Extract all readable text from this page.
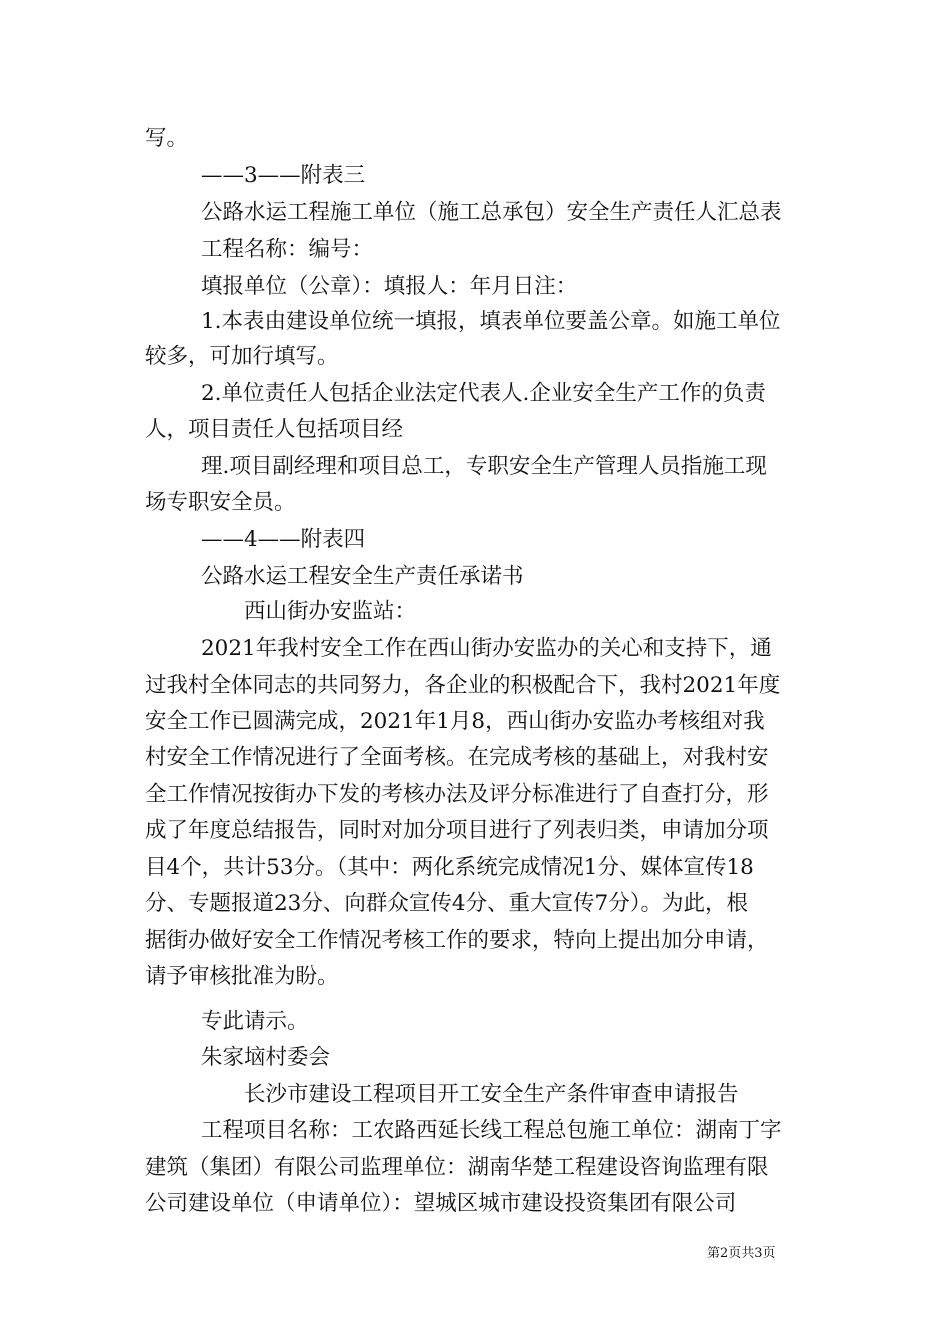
写。
——3——附表三
公路水运工程施工单位（施工总承包）安全生产责任人汇总表
工程名称：编号：
填报单位（公章）：填报人：年月日注：
1.本表由建设单位统一填报，填表单位要盖公章。如施工单位
较多，可加行填写。
2.单位责任人包括企业法定代表人.企业安全生产工作的负责
人，项目责任人包括项目经
理.项目副经理和项目总工，专职安全生产管理人员指施工现
场专职安全员。
——4——附表四
公路水运工程安全生产责任承诺书
西山街办安监站：
2021年我村安全工作在西山街办安监办的关心和支持下，通
过我村全体同志的共同努力，各企业的积极配合下，我村2021年度
安全工作已圆满完成，2021年1月8，西山街办安监办考核组对我
村安全工作情况进行了全面考核。在完成考核的基础上，对我村安
全工作情况按街办下发的考核办法及评分标准进行了自查打分，形
成了年度总结报告，同时对加分项目进行了列表归类，申请加分项
目4个，共计53分。（其中：两化系统完成情况1分、媒体宣传18
分、专题报道23分、向群众宣传4分、重大宣传7分）。为此，根
据街办做好安全工作情况考核工作的要求，特向上提出加分申请，
请予审核批准为盼。
专此请示。
朱家垴村委会
长沙市建设工程项目开工安全生产条件审查申请报告
工程项目名称：工农路西延长线工程总包施工单位：湖南丁字
建筑（集团）有限公司监理单位：湖南华楚工程建设咨询监理有限
公司建设单位（申请单位）：望城区城市建设投资集团有限公司
第2页共3页
